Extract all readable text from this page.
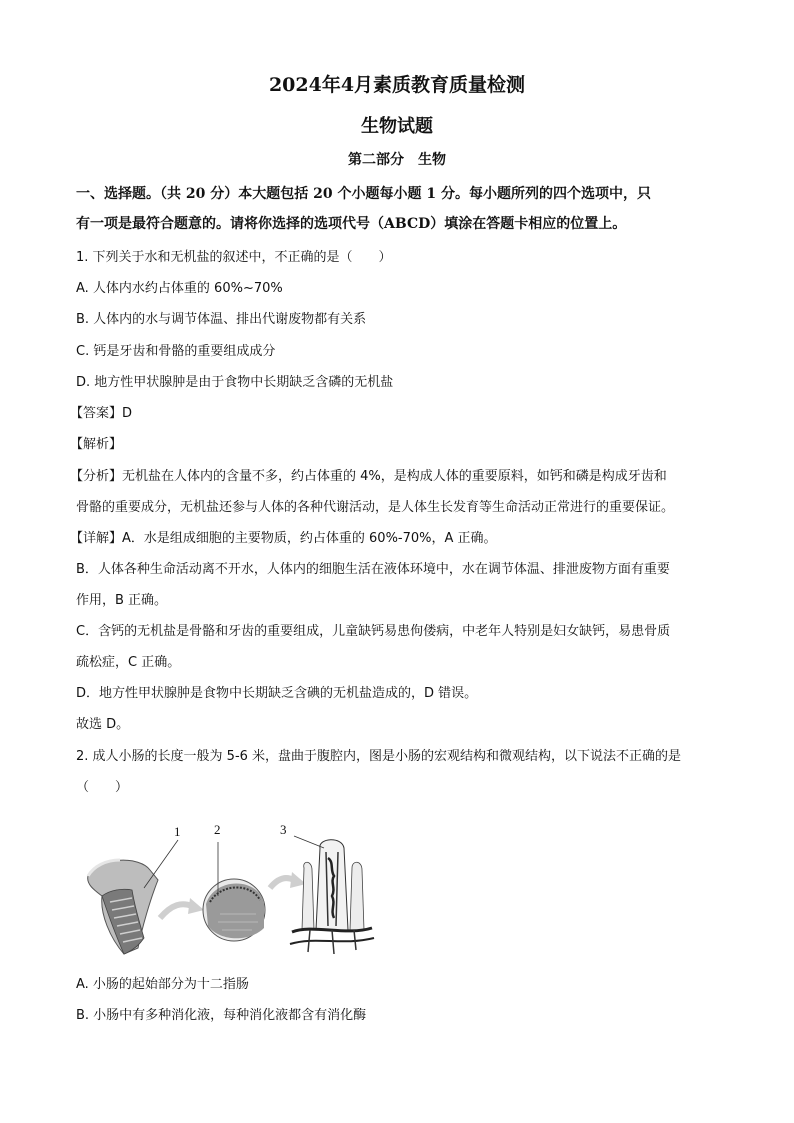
2024年4月素质教育质量检测
生物试题
第二部分　生物
一、选择题。（共 20 分）本大题包括 20 个小题每小题 1 分。每小题所列的四个选项中，只
有一项是最符合题意的。请将你选择的选项代号（ABCD）填涂在答题卡相应的位置上。
1. 下列关于水和无机盐的叙述中，不正确的是（　　）
A. 人体内水约占体重的 60%~70%
B. 人体内的水与调节体温、排出代谢废物都有关系
C. 钙是牙齿和骨骼的重要组成成分
D. 地方性甲状腺肿是由于食物中长期缺乏含磷的无机盐
【答案】D
【解析】
【分析】无机盐在人体内的含量不多，约占体重的 4%，是构成人体的重要原料，如钙和磷是构成牙齿和
骨骼的重要成分，无机盐还参与人体的各种代谢活动，是人体生长发育等生命活动正常进行的重要保证。
【详解】A．水是组成细胞的主要物质，约占体重的 60%-70%，A 正确。
B．人体各种生命活动离不开水，人体内的细胞生活在液体环境中，水在调节体温、排泄废物方面有重要
作用，B 正确。
C．含钙的无机盐是骨骼和牙齿的重要组成，儿童缺钙易患佝偻病，中老年人特别是妇女缺钙，易患骨质
疏松症，C 正确。
D．地方性甲状腺肿是食物中长期缺乏含碘的无机盐造成的，D 错误。
故选 D。
2. 成人小肠的长度一般为 5-6 米，盘曲于腹腔内，图是小肠的宏观结构和微观结构，以下说法不正确的是
（　　）
1	2	3
A. 小肠的起始部分为十二指肠
B. 小肠中有多种消化液，每种消化液都含有消化酶
